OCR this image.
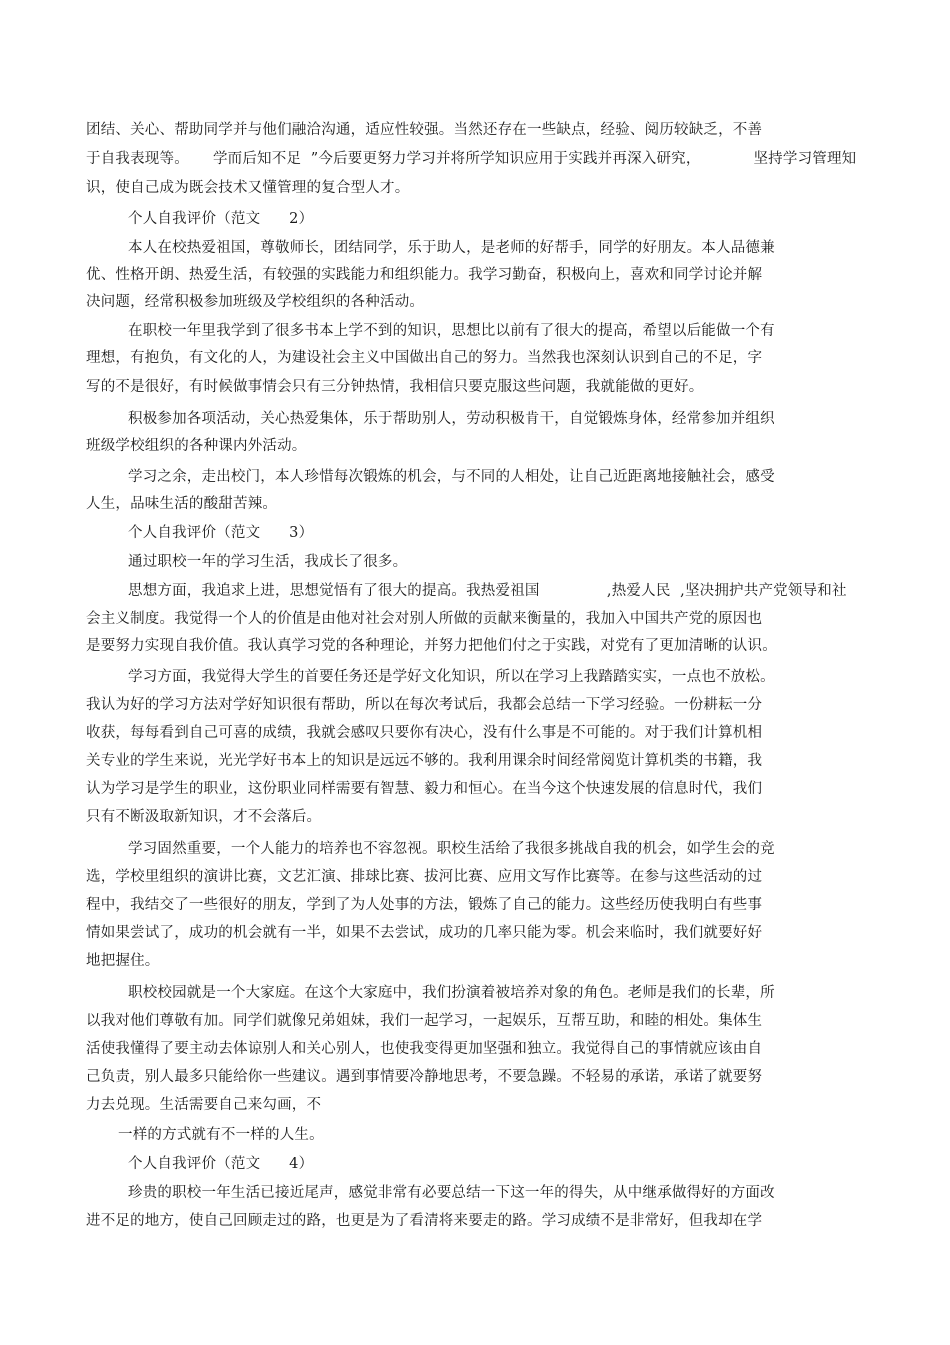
团结、关心、帮助同学并与他们融洽沟通，适应性较强。当然还存在一些缺点，经验、阅历较缺乏，不善
于自我表现等。     学而后知不足  ”今后要更努力学习并将所学知识应用于实践并再深入研究，           坚持学习管理知
识，使自己成为既会技术又懂管理的复合型人才。
个人自我评价（范文      2）
本人在校热爱祖国，尊敬师长，团结同学，乐于助人，是老师的好帮手，同学的好朋友。本人品德兼
优、性格开朗、热爱生活，有较强的实践能力和组织能力。我学习勤奋，积极向上，喜欢和同学讨论并解
决问题，经常积极参加班级及学校组织的各种活动。
在职校一年里我学到了很多书本上学不到的知识，思想比以前有了很大的提高，希望以后能做一个有
理想，有抱负，有文化的人，为建设社会主义中国做出自己的努力。当然我也深刻认识到自己的不足，字
写的不是很好，有时候做事情会只有三分钟热情，我相信只要克服这些问题，我就能做的更好。
积极参加各项活动，关心热爱集体，乐于帮助别人，劳动积极肯干，自觉锻炼身体，经常参加并组织
班级学校组织的各种课内外活动。
学习之余，走出校门，本人珍惜每次锻炼的机会，与不同的人相处，让自己近距离地接触社会，感受
人生，品味生活的酸甜苦辣。
个人自我评价（范文      3）
通过职校一年的学习生活，我成长了很多。
思想方面，我追求上进，思想觉悟有了很大的提高。我热爱祖国              ,热爱人民  ,坚决拥护共产党领导和社
会主义制度。我觉得一个人的价值是由他对社会对别人所做的贡献来衡量的，我加入中国共产党的原因也
是要努力实现自我价值。我认真学习党的各种理论，并努力把他们付之于实践，对党有了更加清晰的认识。
学习方面，我觉得大学生的首要任务还是学好文化知识，所以在学习上我踏踏实实，一点也不放松。
我认为好的学习方法对学好知识很有帮助，所以在每次考试后，我都会总结一下学习经验。一份耕耘一分
收获，每每看到自己可喜的成绩，我就会感叹只要你有决心，没有什么事是不可能的。对于我们计算机相
关专业的学生来说，光光学好书本上的知识是远远不够的。我利用课余时间经常阅览计算机类的书籍，我
认为学习是学生的职业，这份职业同样需要有智慧、毅力和恒心。在当今这个快速发展的信息时代，我们
只有不断汲取新知识，才不会落后。
学习固然重要，一个人能力的培养也不容忽视。职校生活给了我很多挑战自我的机会，如学生会的竞
选，学校里组织的演讲比赛，文艺汇演、排球比赛、拔河比赛、应用文写作比赛等。在参与这些活动的过
程中，我结交了一些很好的朋友，学到了为人处事的方法，锻炼了自己的能力。这些经历使我明白有些事
情如果尝试了，成功的机会就有一半，如果不去尝试，成功的几率只能为零。机会来临时，我们就要好好
地把握住。
职校校园就是一个大家庭。在这个大家庭中，我们扮演着被培养对象的角色。老师是我们的长辈，所
以我对他们尊敬有加。同学们就像兄弟姐妹，我们一起学习，一起娱乐，互帮互助，和睦的相处。集体生
活使我懂得了要主动去体谅别人和关心别人，也使我变得更加坚强和独立。我觉得自己的事情就应该由自
己负责，别人最多只能给你一些建议。遇到事情要冷静地思考，不要急躁。不轻易的承诺，承诺了就要努
力去兑现。生活需要自己来勾画，不
一样的方式就有不一样的人生。
个人自我评价（范文      4）
珍贵的职校一年生活已接近尾声，感觉非常有必要总结一下这一年的得失，从中继承做得好的方面改
进不足的地方，使自己回顾走过的路，也更是为了看清将来要走的路。学习成绩不是非常好，但我却在学
